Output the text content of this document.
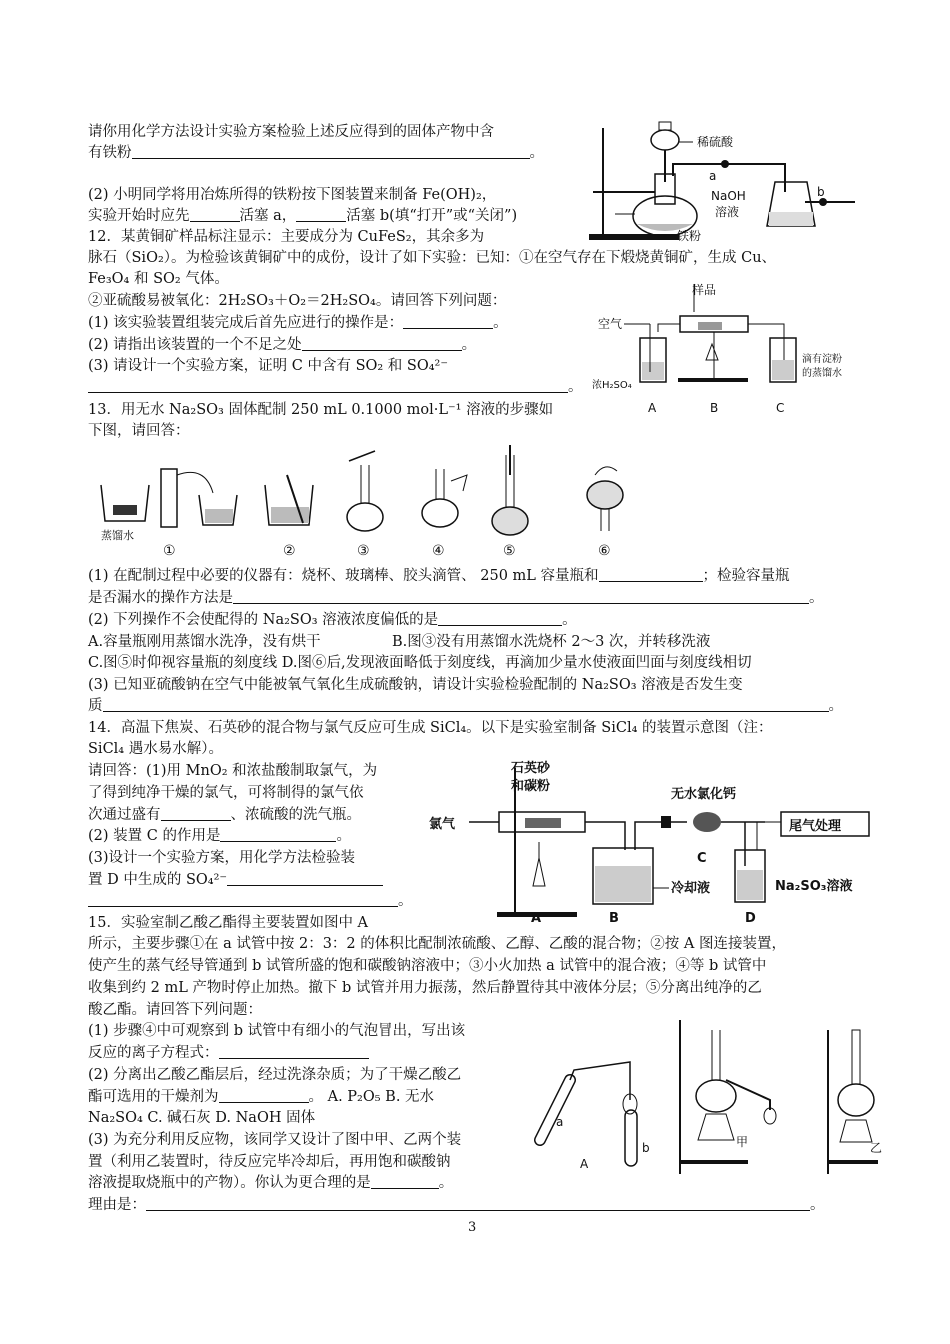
请你用化学方法设计实验方案检验上述反应得到的固体产物中含
有铁粉	。
(2) 小明同学将用冶炼所得的铁粉按下图装置来制备 Fe(OH)₂，
实验开始时应先	活塞 a，	活塞 b(填“打开”或“关闭”)
稀硫酸
a
NaOH
溶液
b
铁粉
12．某黄铜矿样品标注显示：主要成分为 CuFeS₂，其余多为
脉石（SiO₂）。为检验该黄铜矿中的成份，设计了如下实验：已知：①在空气存在下煅烧黄铜矿，生成 Cu、
Fe₃O₄ 和 SO₂ 气体。
②亚硫酸易被氧化：2H₂SO₃＋O₂＝2H₂SO₄。请回答下列问题：
(1) 该实验装置组装完成后首先应进行的操作是：	。
(2) 请指出该装置的一个不足之处	。
(3) 请设计一个实验方案，证明 C 中含有 SO₂ 和 SO₄²⁻
。
样品
空气
滴有淀粉
的蒸馏水
浓H₂SO₄
A	B	C
13．用无水 Na₂SO₃ 固体配制 250 mL 0.1000 mol·L⁻¹ 溶液的步骤如
下图，请回答：
蒸馏水
①	②	③	④	⑤	⑥
(1) 在配制过程中必要的仪器有：烧杯、玻璃棒、胶头滴管、 250 mL 容量瓶和	；检验容量瓶
是否漏水的操作方法是	。
(2) 下列操作不会使配得的 Na₂SO₃ 溶液浓度偏低的是	。
A.容量瓶刚用蒸馏水洗净，没有烘干	B.图③没有用蒸馏水洗烧杯 2～3 次，并转移洗液
C.图⑤时仰视容量瓶的刻度线 D.图⑥后,发现液面略低于刻度线，再滴加少量水使液面凹面与刻度线相切
(3) 已知亚硫酸钠在空气中能被氧气氧化生成硫酸钠，请设计实验检验配制的 Na₂SO₃ 溶液是否发生变
质	。
14．高温下焦炭、石英砂的混合物与氯气反应可生成 SiCl₄。以下是实验室制备 SiCl₄ 的装置示意图（注：
SiCl₄ 遇水易水解）。
请回答：(1)用 MnO₂ 和浓盐酸制取氯气，为
了得到纯净干燥的氯气，可将制得的氯气依
次通过盛有	、浓硫酸的洗气瓶。
(2) 装置 C 的作用是	。
(3)设计一个实验方案，用化学方法检验装
置 D 中生成的 SO₄²⁻
。
石英砂
和碳粉
氯气
A
冷却液
B
无水氯化钙
C
尾气处理
Na₂SO₃溶液
D
15．实验室制乙酸乙酯得主要装置如图中 A
所示，主要步骤①在 a 试管中按 2：3：2 的体积比配制浓硫酸、乙醇、乙酸的混合物；②按 A 图连接装置，
使产生的蒸气经导管通到 b 试管所盛的饱和碳酸钠溶液中；③小火加热 a 试管中的混合液；④等 b 试管中
收集到约 2 mL 产物时停止加热。撤下 b 试管并用力振荡，然后静置待其中液体分层；⑤分离出纯净的乙
酸乙酯。请回答下列问题：
(1) 步骤④中可观察到 b 试管中有细小的气泡冒出，写出该
反应的离子方程式：
(2) 分离出乙酸乙酯层后，经过洗涤杂质；为了干燥乙酸乙
酯可选用的干燥剂为	。 A. P₂O₅ B. 无水
Na₂SO₄ C. 碱石灰 D. NaOH 固体
(3) 为充分利用反应物，该同学又设计了图中甲、乙两个装
置（利用乙装置时，待反应完毕冷却后，再用饱和碳酸钠
溶液提取烧瓶中的产物）。你认为更合理的是	。
理由是：	。
a
b
A
甲	乙
3
